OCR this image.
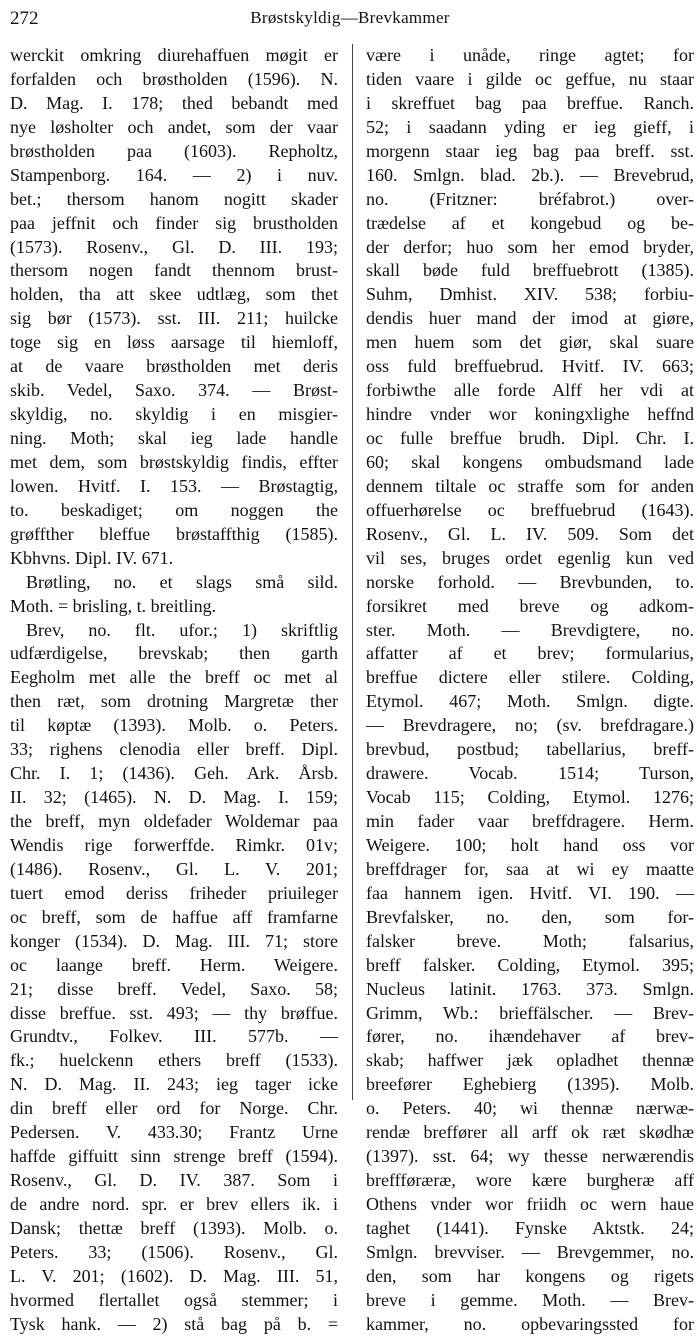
272	Brøstskyldig—Brevkammer
werckit omkring diurehaffuen møgit er
forfalden och brøstholden (1596). N.
D. Mag. I. 178; thed bebandt med
nye løsholter och andet, som der vaar
brøstholden paa (1603). Repholtz,
Stampenborg. 164. — 2) i nuv.
bet.; thersom hanom nogitt skader
paa jeffnit och finder sig brustholden
(1573). Rosenv., Gl. D. III. 193;
thersom nogen fandt thennom brust-
holden, tha att skee udtlæg, som thet
sig bør (1573). sst. III. 211; huilcke
toge sig en løss aarsage til hiemloff,
at de vaare brøstholden met deris
skib. Vedel, Saxo. 374. — Brøst-
skyldig, no. skyldig i en misgier-
ning. Moth; skal ieg lade handle
met dem, som brøstskyldig findis, effter
lowen. Hvitf. I. 153. — Brøstagtig,
to. beskadiget; om noggen the
grøffther bleffue brøstaffthig (1585).
Kbhvns. Dipl. IV. 671.
Brøtling, no. et slags små sild.
Moth. = brisling, t. breitling.
Brev, no. flt. ufor.; 1) skriftlig
udfærdigelse, brevskab; then garth
Eegholm met alle the breff oc met al
then ræt, som drotning Margretæ ther
til køptæ (1393). Molb. o. Peters.
33; righens clenodia eller breff. Dipl.
Chr. I. 1; (1436). Geh. Ark. Årsb.
II. 32; (1465). N. D. Mag. I. 159;
the breff, myn oldefader Woldemar paa
Wendis rige forwerffde. Rimkr. 01v;
(1486). Rosenv., Gl. L. V. 201;
tuert emod deriss friheder priuileger
oc breff, som de haffue aff framfarne
konger (1534). D. Mag. III. 71; store
oc laange breff. Herm. Weigere.
21; disse breff. Vedel, Saxo. 58;
disse breffue. sst. 493; — thy brøffue.
Grundtv., Folkev. III. 577b. —
fk.; huelckenn ethers breff (1533).
N. D. Mag. II. 243; ieg tager icke
din breff eller ord for Norge. Chr.
Pedersen. V. 433.30; Frantz Urne
haffde giffuitt sinn strenge breff (1594).
Rosenv., Gl. D. IV. 387. Som i
de andre nord. spr. er brev ellers ik. i
Dansk; thettæ breff (1393). Molb. o.
Peters. 33; (1506). Rosenv., Gl.
L. V. 201; (1602). D. Mag. III. 51,
hvormed flertallet også stemmer; i
Tysk hank. — 2) stå bag på b. =
være i unåde, ringe agtet; for
tiden vaare i gilde oc geffue, nu staar
i skreffuet bag paa breffue. Ranch.
52; i saadann yding er ieg gieff, i
morgenn staar ieg bag paa breff. sst.
160. Smlgn. blad. 2b.). — Brevebrud,
no. (Fritzner: bréfabrot.) over-
trædelse af et kongebud og be-
der derfor; huo som her emod bryder,
skall bøde fuld breffuebrott (1385).
Suhm, Dmhist. XIV. 538; forbiu-
dendis huer mand der imod at giøre,
men huem som det giør, skal suare
oss fuld breffuebrud. Hvitf. IV. 663;
forbiwthe alle forde Alff her vdi at
hindre vnder wor koningxlighe heffnd
oc fulle breffue brudh. Dipl. Chr. I.
60; skal kongens ombudsmand lade
dennem tiltale oc straffe som for anden
offuerhørelse oc breffuebrud (1643).
Rosenv., Gl. L. IV. 509. Som det
vil ses, bruges ordet egenlig kun ved
norske forhold. — Brevbunden, to.
forsikret med breve og adkom-
ster. Moth. — Brevdigtere, no.
affatter af et brev; formularius,
breffue dictere eller stilere. Colding,
Etymol. 467; Moth. Smlgn. digte.
— Brevdragere, no; (sv. brefdragare.)
brevbud, postbud; tabellarius, breff-
drawere. Vocab. 1514; Turson,
Vocab 115; Colding, Etymol. 1276;
min fader vaar breffdragere. Herm.
Weigere. 100; holt hand oss vor
breffdrager for, saa at wi ey maatte
faa hannem igen. Hvitf. VI. 190. —
Brevfalsker, no. den, som for-
falsker breve. Moth; falsarius,
breff falsker. Colding, Etymol. 395;
Nucleus latinit. 1763. 373. Smlgn.
Grimm, Wb.: brieffälscher. — Brev-
fører, no. ihændehaver af brev-
skab; haffwer jæk opladhet thennæ
breefører Eghebierg (1395). Molb.
o. Peters. 40; wi thennæ nærwæ-
rendæ breffører all arff ok ræt skødhæ
(1397). sst. 64; wy thesse nerwærendis
breffføræræ, wore kære burgheræ aff
Othens vnder wor friidh oc wern haue
taghet (1441). Fynske Aktstk. 24;
Smlgn. brevviser. — Brevgemmer, no.
den, som har kongens og rigets
breve i gemme. Moth. — Brev-
kammer, no. opbevaringssted for
